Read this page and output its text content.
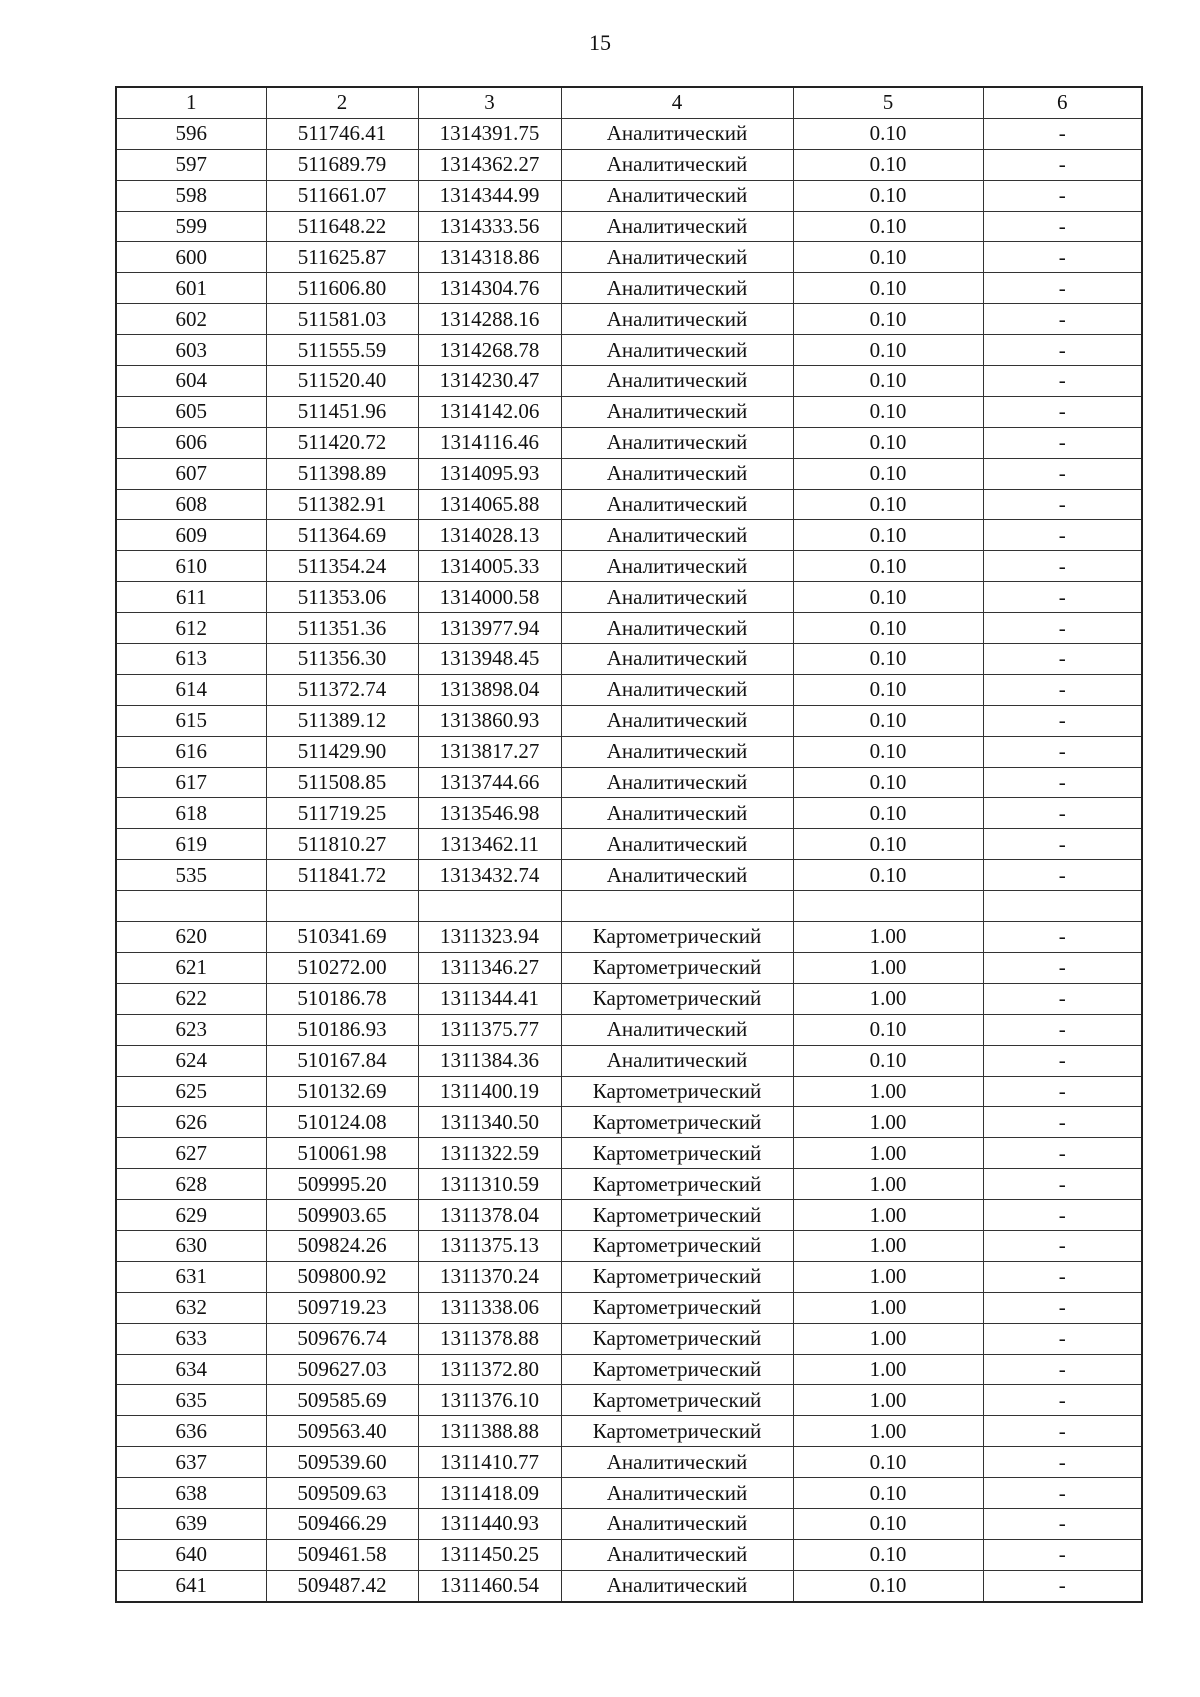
15
1	2	3	4	5	6
596	511746.41	1314391.75	Аналитический	0.10	-
597	511689.79	1314362.27	Аналитический	0.10	-
598	511661.07	1314344.99	Аналитический	0.10	-
599	511648.22	1314333.56	Аналитический	0.10	-
600	511625.87	1314318.86	Аналитический	0.10	-
601	511606.80	1314304.76	Аналитический	0.10	-
602	511581.03	1314288.16	Аналитический	0.10	-
603	511555.59	1314268.78	Аналитический	0.10	-
604	511520.40	1314230.47	Аналитический	0.10	-
605	511451.96	1314142.06	Аналитический	0.10	-
606	511420.72	1314116.46	Аналитический	0.10	-
607	511398.89	1314095.93	Аналитический	0.10	-
608	511382.91	1314065.88	Аналитический	0.10	-
609	511364.69	1314028.13	Аналитический	0.10	-
610	511354.24	1314005.33	Аналитический	0.10	-
611	511353.06	1314000.58	Аналитический	0.10	-
612	511351.36	1313977.94	Аналитический	0.10	-
613	511356.30	1313948.45	Аналитический	0.10	-
614	511372.74	1313898.04	Аналитический	0.10	-
615	511389.12	1313860.93	Аналитический	0.10	-
616	511429.90	1313817.27	Аналитический	0.10	-
617	511508.85	1313744.66	Аналитический	0.10	-
618	511719.25	1313546.98	Аналитический	0.10	-
619	511810.27	1313462.11	Аналитический	0.10	-
535	511841.72	1313432.74	Аналитический	0.10	-

620	510341.69	1311323.94	Картометрический	1.00	-
621	510272.00	1311346.27	Картометрический	1.00	-
622	510186.78	1311344.41	Картометрический	1.00	-
623	510186.93	1311375.77	Аналитический	0.10	-
624	510167.84	1311384.36	Аналитический	0.10	-
625	510132.69	1311400.19	Картометрический	1.00	-
626	510124.08	1311340.50	Картометрический	1.00	-
627	510061.98	1311322.59	Картометрический	1.00	-
628	509995.20	1311310.59	Картометрический	1.00	-
629	509903.65	1311378.04	Картометрический	1.00	-
630	509824.26	1311375.13	Картометрический	1.00	-
631	509800.92	1311370.24	Картометрический	1.00	-
632	509719.23	1311338.06	Картометрический	1.00	-
633	509676.74	1311378.88	Картометрический	1.00	-
634	509627.03	1311372.80	Картометрический	1.00	-
635	509585.69	1311376.10	Картометрический	1.00	-
636	509563.40	1311388.88	Картометрический	1.00	-
637	509539.60	1311410.77	Аналитический	0.10	-
638	509509.63	1311418.09	Аналитический	0.10	-
639	509466.29	1311440.93	Аналитический	0.10	-
640	509461.58	1311450.25	Аналитический	0.10	-
641	509487.42	1311460.54	Аналитический	0.10	-
